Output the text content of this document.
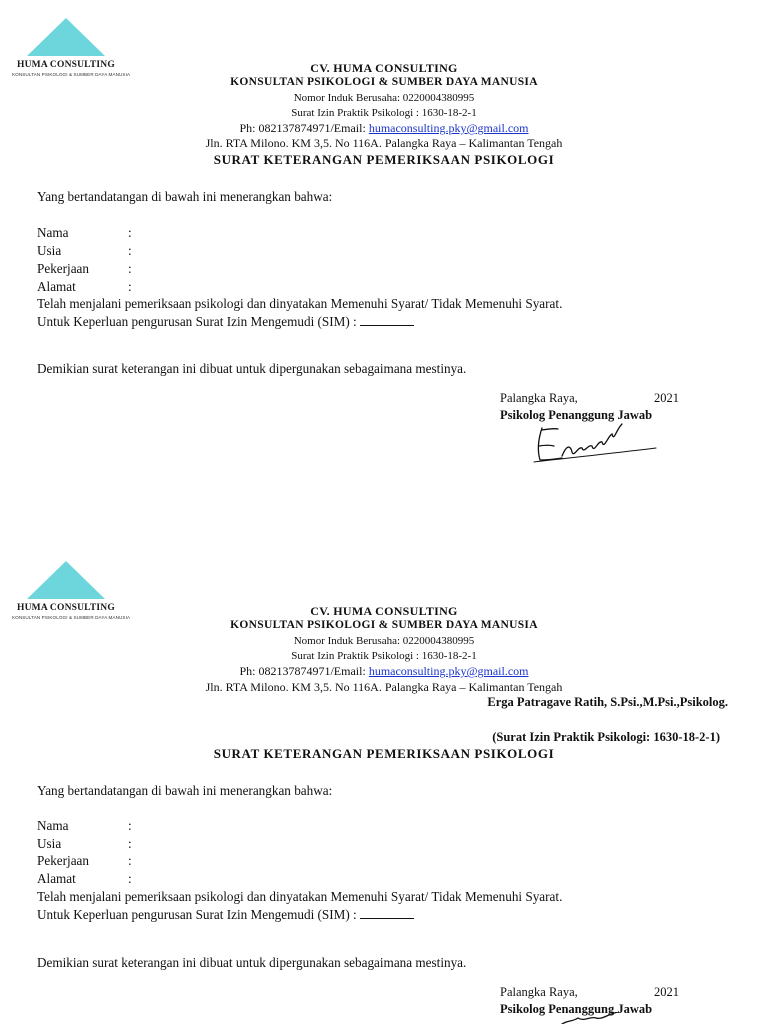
HUMA CONSULTING
KONSULTAN PSIKOLOGI & SUMBER DAYA MANUSIA	CV. HUMA CONSULTING
KONSULTAN PSIKOLOGI & SUMBER DAYA MANUSIA
Nomor Induk Berusaha: 0220004380995
Surat Izin Praktik Psikologi : 1630-18-2-1
Ph: 082137874971/Email: humaconsulting.pky@gmail.com
Jln. RTA Milono. KM 3,5. No 116A. Palangka Raya – Kalimantan Tengah
SURAT KETERANGAN PEMERIKSAAN PSIKOLOGI
Yang bertandatangan di bawah ini menerangkan bahwa:
Nama	:
Usia	:
Pekerjaan	:
Alamat	:
Telah menjalani pemeriksaan psikologi dan dinyatakan Memenuhi Syarat/ Tidak Memenuhi Syarat.
Untuk Keperluan pengurusan Surat Izin Mengemudi (SIM) :
Demikian surat keterangan ini dibuat untuk dipergunakan sebagaimana mestinya.
Palangka Raya,	2021
Psikolog Penanggung Jawab
HUMA CONSULTING
KONSULTAN PSIKOLOGI & SUMBER DAYA MANUSIA	CV. HUMA CONSULTING
KONSULTAN PSIKOLOGI & SUMBER DAYA MANUSIA
Nomor Induk Berusaha: 0220004380995
Surat Izin Praktik Psikologi : 1630-18-2-1
Ph: 082137874971/Email: humaconsulting.pky@gmail.com
Jln. RTA Milono. KM 3,5. No 116A. Palangka Raya – Kalimantan Tengah
Erga Patragave Ratih, S.Psi.,M.Psi.,Psikolog.
(Surat Izin Praktik Psikologi: 1630-18-2-1)
SURAT KETERANGAN PEMERIKSAAN PSIKOLOGI
Yang bertandatangan di bawah ini menerangkan bahwa:
Nama	:
Usia	:
Pekerjaan	:
Alamat	:
Telah menjalani pemeriksaan psikologi dan dinyatakan Memenuhi Syarat/ Tidak Memenuhi Syarat.
Untuk Keperluan pengurusan Surat Izin Mengemudi (SIM) :
Demikian surat keterangan ini dibuat untuk dipergunakan sebagaimana mestinya.
Palangka Raya,	2021
Psikolog Penanggung Jawab
